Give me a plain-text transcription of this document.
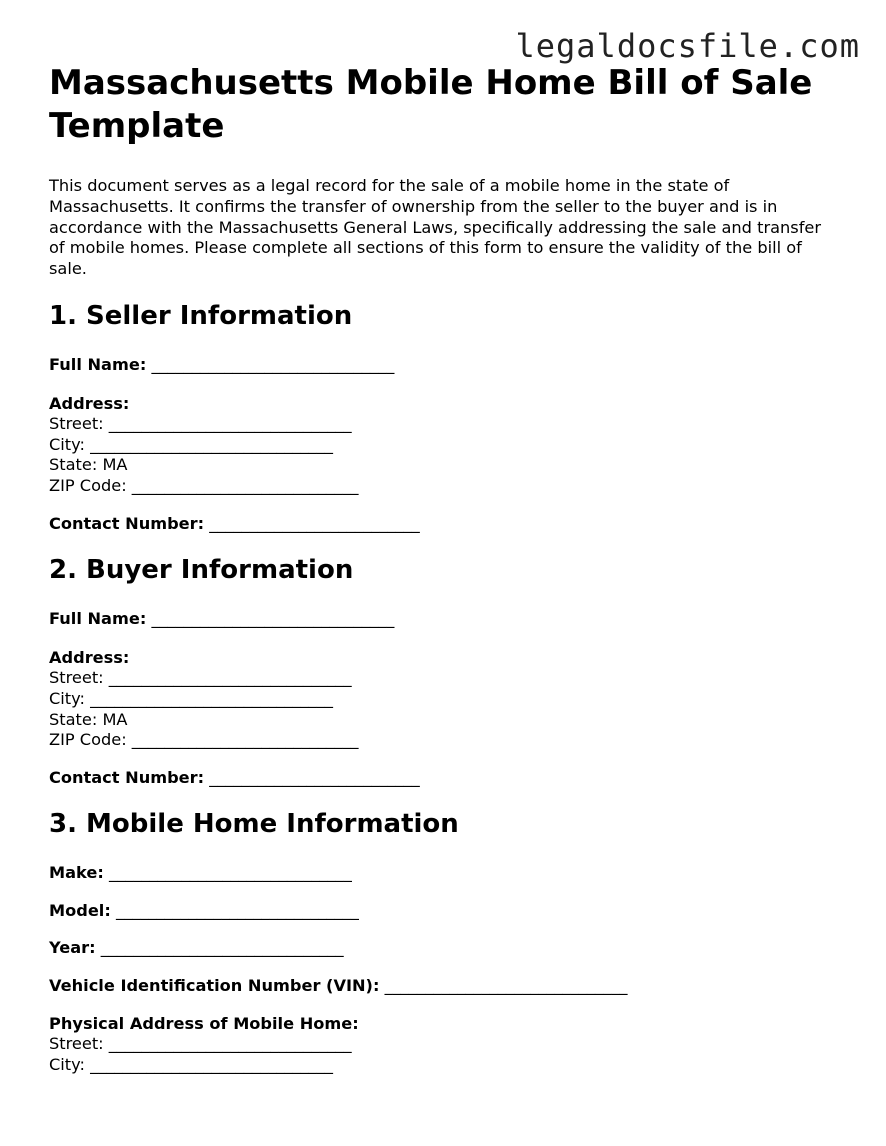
legaldocsfile.com
Massachusetts Mobile Home Bill of Sale Template

This document serves as a legal record for the sale of a mobile home in the state of Massachusetts. It confirms the transfer of ownership from the seller to the buyer and is in accordance with the Massachusetts General Laws, specifically addressing the sale and transfer of mobile homes. Please complete all sections of this form to ensure the validity of the bill of sale.

1. Seller Information
Full Name: ______________________________
Address:
Street: ______________________________
City: ______________________________
State: MA
ZIP Code: ____________________________
Contact Number: __________________________
2. Buyer Information
Full Name: ______________________________
Address:
Street: ______________________________
City: ______________________________
State: MA
ZIP Code: ____________________________
Contact Number: __________________________
3. Mobile Home Information
Make: ______________________________
Model: ______________________________
Year: ______________________________
Vehicle Identification Number (VIN): ______________________________
Physical Address of Mobile Home:
Street: ______________________________
City: ______________________________
